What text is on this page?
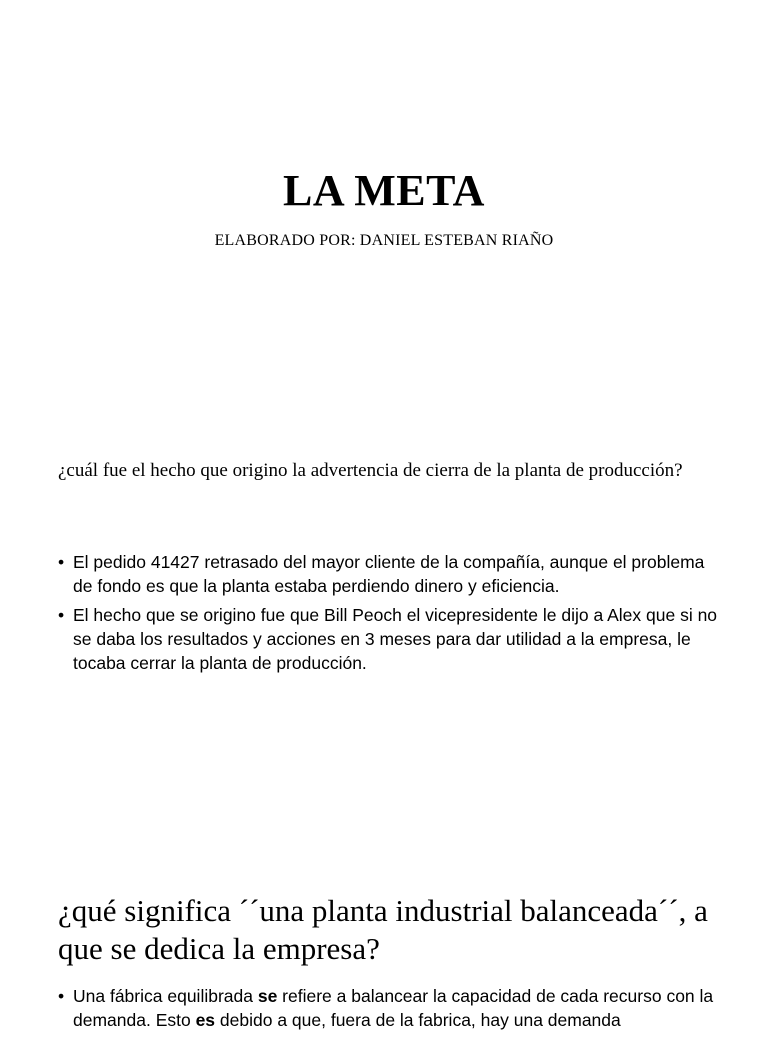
LA META
ELABORADO POR: DANIEL ESTEBAN RIAÑO
¿cuál fue el hecho que origino la advertencia de cierra de la planta de producción?
• El pedido 41427 retrasado del mayor cliente de la compañía, aunque el problema de fondo es que la planta estaba perdiendo dinero y eficiencia.
• El hecho que se origino fue que Bill Peoch el vicepresidente le dijo a Alex que si no se daba los resultados y acciones en 3 meses para dar utilidad a la empresa, le tocaba cerrar la planta de producción.
¿qué significa ´´una planta industrial balanceada´´, a que se dedica la empresa?
• Una fábrica equilibrada se refiere a balancear la capacidad de cada recurso con la demanda. Esto es debido a que, fuera de la fabrica, hay una demanda
